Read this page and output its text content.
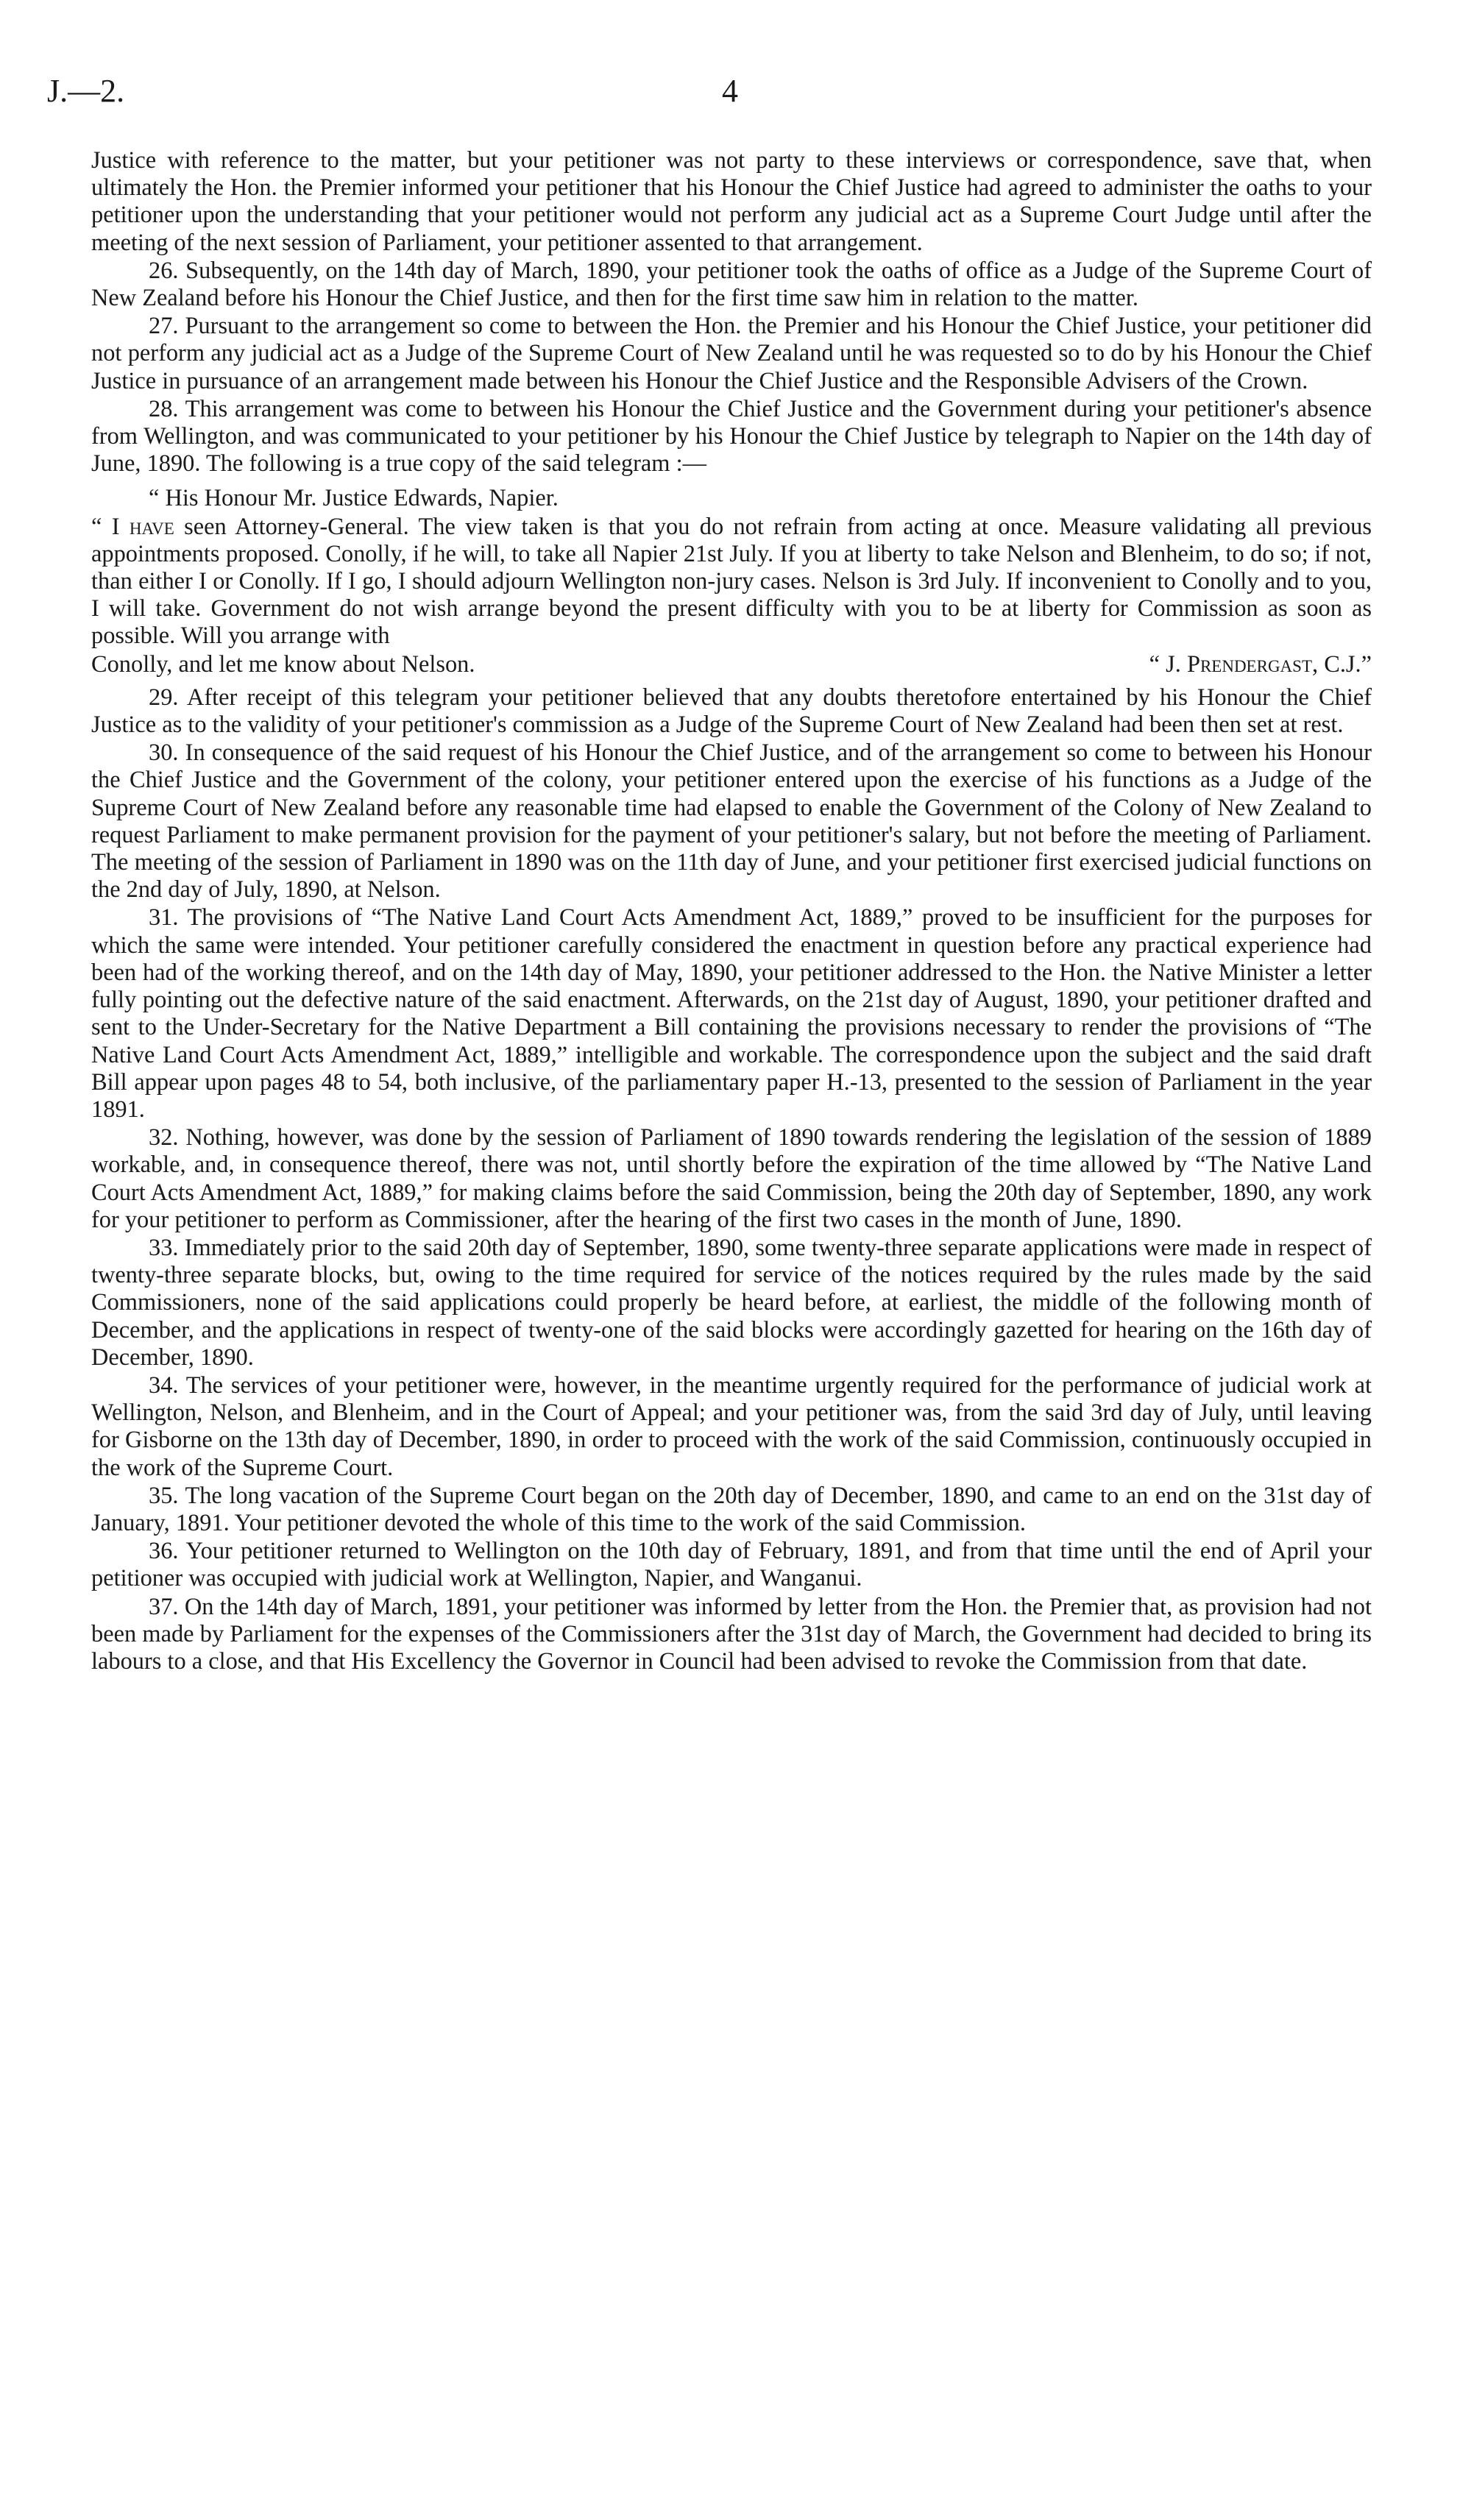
J.—2.	4

Justice with reference to the matter, but your petitioner was not party to these interviews or correspondence, save that, when ultimately the Hon. the Premier informed your petitioner that his Honour the Chief Justice had agreed to administer the oaths to your petitioner upon the understanding that your petitioner would not perform any judicial act as a Supreme Court Judge until after the meeting of the next session of Parliament, your petitioner assented to that arrangement.

26. Subsequently, on the 14th day of March, 1890, your petitioner took the oaths of office as a Judge of the Supreme Court of New Zealand before his Honour the Chief Justice, and then for the first time saw him in relation to the matter.

27. Pursuant to the arrangement so come to between the Hon. the Premier and his Honour the Chief Justice, your petitioner did not perform any judicial act as a Judge of the Supreme Court of New Zealand until he was requested so to do by his Honour the Chief Justice in pursuance of an arrangement made between his Honour the Chief Justice and the Responsible Advisers of the Crown.

28. This arrangement was come to between his Honour the Chief Justice and the Government during your petitioner's absence from Wellington, and was communicated to your petitioner by his Honour the Chief Justice by telegraph to Napier on the 14th day of June, 1890. The following is a true copy of the said telegram :—

“ His Honour Mr. Justice Edwards, Napier.

“ I have seen Attorney-General. The view taken is that you do not refrain from acting at once. Measure validating all previous appointments proposed. Conolly, if he will, to take all Napier 21st July. If you at liberty to take Nelson and Blenheim, to do so; if not, than either I or Conolly. If I go, I should adjourn Wellington non-jury cases. Nelson is 3rd July. If inconvenient to Conolly and to you, I will take. Government do not wish arrange beyond the present difficulty with you to be at liberty for Commission as soon as possible. Will you arrange with

Conolly, and let me know about Nelson.	“ J. Prendergast, C.J.”

29. After receipt of this telegram your petitioner believed that any doubts theretofore entertained by his Honour the Chief Justice as to the validity of your petitioner's commission as a Judge of the Supreme Court of New Zealand had been then set at rest.

30. In consequence of the said request of his Honour the Chief Justice, and of the arrangement so come to between his Honour the Chief Justice and the Government of the colony, your petitioner entered upon the exercise of his functions as a Judge of the Supreme Court of New Zealand before any reasonable time had elapsed to enable the Government of the Colony of New Zealand to request Parliament to make permanent provision for the payment of your petitioner's salary, but not before the meeting of Parliament. The meeting of the session of Parliament in 1890 was on the 11th day of June, and your petitioner first exercised judicial functions on the 2nd day of July, 1890, at Nelson.

31. The provisions of “The Native Land Court Acts Amendment Act, 1889,” proved to be insufficient for the purposes for which the same were intended. Your petitioner carefully considered the enactment in question before any practical experience had been had of the working thereof, and on the 14th day of May, 1890, your petitioner addressed to the Hon. the Native Minister a letter fully pointing out the defective nature of the said enactment. Afterwards, on the 21st day of August, 1890, your petitioner drafted and sent to the Under-Secretary for the Native Department a Bill containing the provisions necessary to render the provisions of “The Native Land Court Acts Amendment Act, 1889,” intelligible and workable. The correspondence upon the subject and the said draft Bill appear upon pages 48 to 54, both inclusive, of the parliamentary paper H.-13, presented to the session of Parliament in the year 1891.

32. Nothing, however, was done by the session of Parliament of 1890 towards rendering the legislation of the session of 1889 workable, and, in consequence thereof, there was not, until shortly before the expiration of the time allowed by “The Native Land Court Acts Amendment Act, 1889,” for making claims before the said Commission, being the 20th day of September, 1890, any work for your petitioner to perform as Commissioner, after the hearing of the first two cases in the month of June, 1890.

33. Immediately prior to the said 20th day of September, 1890, some twenty-three separate applications were made in respect of twenty-three separate blocks, but, owing to the time required for service of the notices required by the rules made by the said Commissioners, none of the said applications could properly be heard before, at earliest, the middle of the following month of December, and the applications in respect of twenty-one of the said blocks were accordingly gazetted for hearing on the 16th day of December, 1890.

34. The services of your petitioner were, however, in the meantime urgently required for the performance of judicial work at Wellington, Nelson, and Blenheim, and in the Court of Appeal; and your petitioner was, from the said 3rd day of July, until leaving for Gisborne on the 13th day of December, 1890, in order to proceed with the work of the said Commission, continuously occupied in the work of the Supreme Court.

35. The long vacation of the Supreme Court began on the 20th day of December, 1890, and came to an end on the 31st day of January, 1891. Your petitioner devoted the whole of this time to the work of the said Commission.

36. Your petitioner returned to Wellington on the 10th day of February, 1891, and from that time until the end of April your petitioner was occupied with judicial work at Wellington, Napier, and Wanganui.

37. On the 14th day of March, 1891, your petitioner was informed by letter from the Hon. the Premier that, as provision had not been made by Parliament for the expenses of the Commissioners after the 31st day of March, the Government had decided to bring its labours to a close, and that His Excellency the Governor in Council had been advised to revoke the Commission from that date.
